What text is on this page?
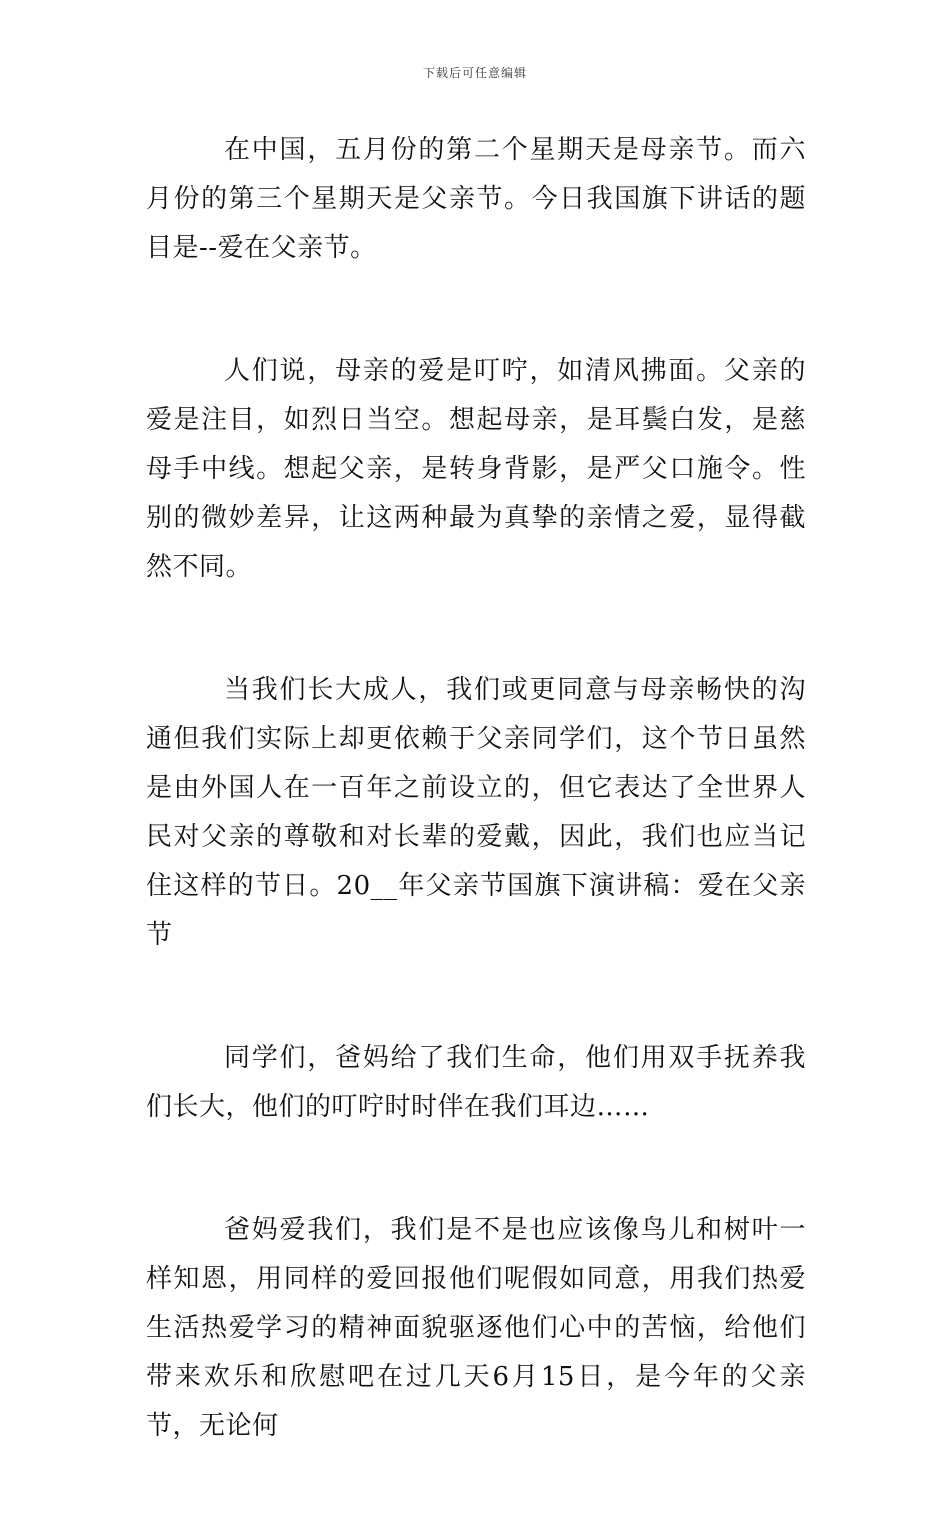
下载后可任意编辑

在中国，五月份的第二个星期天是母亲节。而六月份的第三个星期天是父亲节。今日我国旗下讲话的题目是--爱在父亲节。

人们说，母亲的爱是叮咛，如清风拂面。父亲的爱是注目，如烈日当空。想起母亲，是耳鬓白发，是慈母手中线。想起父亲，是转身背影，是严父口施令。性别的微妙差异，让这两种最为真挚的亲情之爱，显得截然不同。

当我们长大成人，我们或更同意与母亲畅快的沟通但我们实际上却更依赖于父亲同学们，这个节日虽然是由外国人在一百年之前设立的，但它表达了全世界人民对父亲的尊敬和对长辈的爱戴，因此，我们也应当记住这样的节日。20__年父亲节国旗下演讲稿：爱在父亲节

同学们，爸妈给了我们生命，他们用双手抚养我们长大，他们的叮咛时时伴在我们耳边……

爸妈爱我们，我们是不是也应该像鸟儿和树叶一样知恩，用同样的爱回报他们呢假如同意，用我们热爱生活热爱学习的精神面貌驱逐他们心中的苦恼，给他们带来欢乐和欣慰吧在过几天6月15日，是今年的父亲节，无论何
